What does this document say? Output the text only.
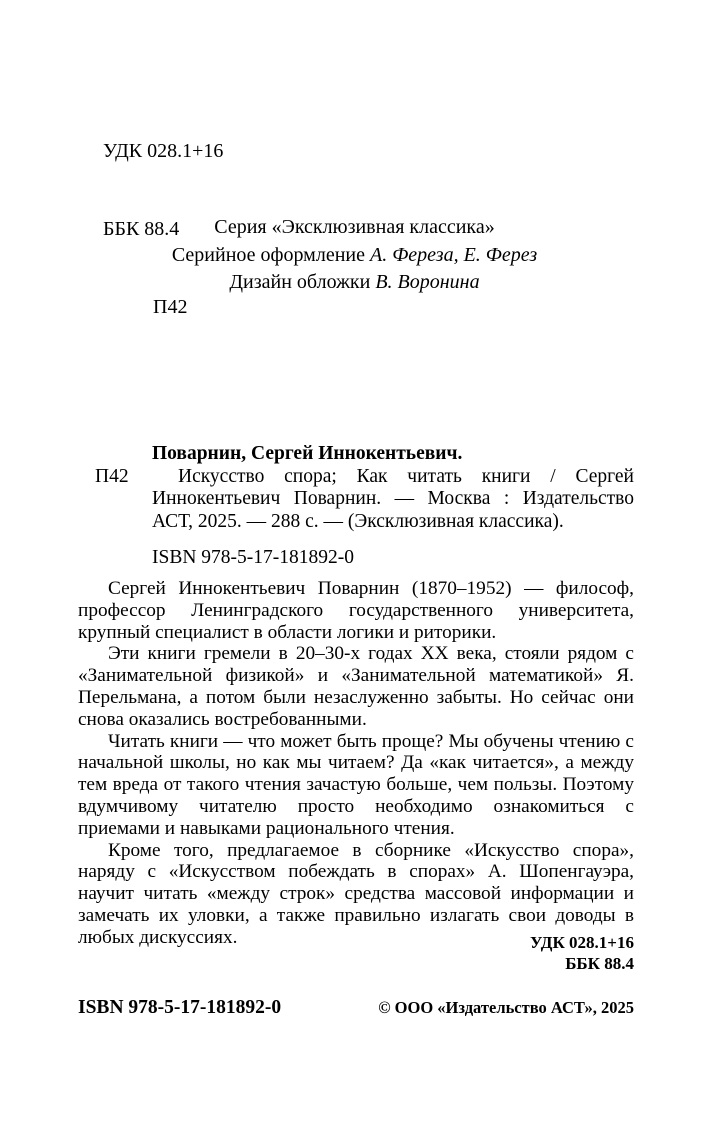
УДК 028.1+16

ББК 88.4

П42

Серия «Эксклюзивная классика»
Серийное оформление А. Фереза, Е. Ферез
Дизайн обложки В. Воронина
Поварнин, Сергей Иннокентьевич.
П42	Искусство спора; Как читать книги / Сергей Иннокентьевич Поварнин. — Москва : Издательство АСТ, 2025. — 288 с. — (Эксклюзивная классика).
ISBN 978-5-17-181892-0

Сергей Иннокентьевич Поварнин (1870–1952) — философ, профессор Ленинградского государственного университета, крупный специалист в области логики и риторики.

Эти книги гремели в 20–30-х годах XX века, стояли рядом с «Занимательной физикой» и «Занимательной математикой» Я. Перельмана, а потом были незаслуженно забыты. Но сейчас они снова оказались востребованными.

Читать книги — что может быть проще? Мы обучены чтению с начальной школы, но как мы читаем? Да «как читается», а между тем вреда от такого чтения зачастую больше, чем пользы. Поэтому вдумчивому читателю просто необходимо ознакомиться с приемами и навыками рационального чтения.

Кроме того, предлагаемое в сборнике «Искусство спора», наряду с «Искусством побеждать в спорах» А. Шопенгауэра, научит читать «между строк» средства массовой информации и замечать их уловки, а также правильно излагать свои доводы в любых дискуссиях.	УДК 028.1+16
ББК 88.4
ISBN 978-5-17-181892-0	© ООО «Издательство АСТ», 2025
